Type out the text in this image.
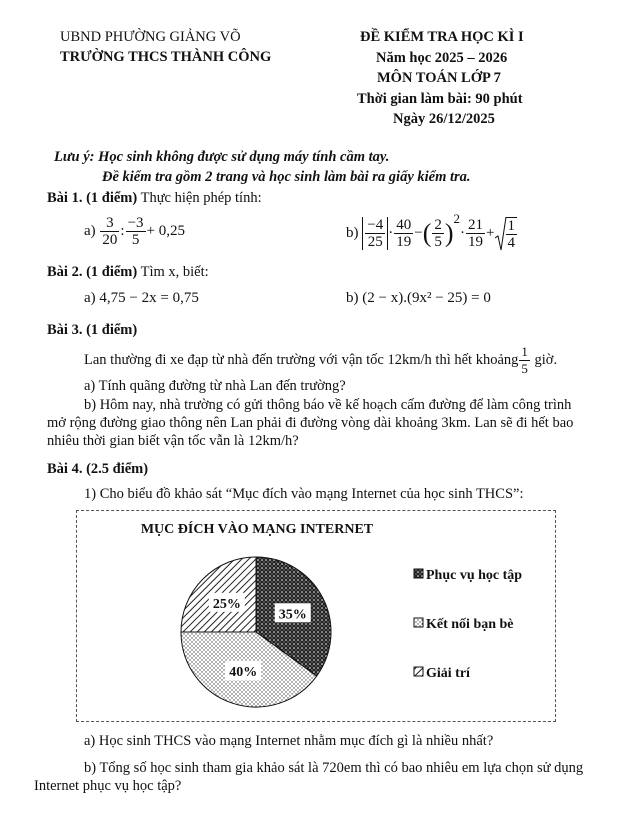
UBND PHƯỜNG GIẢNG VÕ
TRƯỜNG THCS THÀNH CÔNG
ĐỀ KIỂM TRA HỌC KÌ I
Năm học 2025 – 2026
MÔN TOÁN LỚP 7
Thời gian làm bài: 90 phút
Ngày 26/12/2025
Lưu ý: Học sinh không được sử dụng máy tính cầm tay.
Đề kiểm tra gồm 2 trang và học sinh làm bài ra giấy kiểm tra.
Bài 1. (1 điểm) Thực hiện phép tính:
$a) \frac{3}{20}$ : $\frac{-3}{5} + 0,25$	$b) \frac{-4}{25} \cdot \frac{40}{19}$ −( $\frac{2}{5} )^2\cdot \frac{21}{19} + \frac{1}{4}$
Bài 2. (1 điểm) Tìm x, biết:
a) 4,75 − 2x = 0,75	b) (2 − x).(9x² − 25) = 0
Bài 3. (1 điểm)
Lan thường đi xe đạp từ nhà đến trường với vận tốc 12km/h thì hết khoảng $\frac{1}{5}$ giờ.
a) Tính quãng đường từ nhà Lan đến trường?
b) Hôm nay, nhà trường có gửi thông báo về kế hoạch cấm đường để làm công trình
mở rộng đường giao thông nên Lan phải đi đường vòng dài khoảng 3km. Lan sẽ đi hết bao
nhiêu thời gian biết vận tốc vẫn là 12km/h?
Bài 4. (2.5 điểm)
1) Cho biểu đồ khảo sát “Mục đích vào mạng Internet của học sinh THCS”:
MỤC ĐÍCH VÀO MẠNG INTERNET
35%
40%
25%
Phục vụ học tập
Kết nối bạn bè
Giải trí
a) Học sinh THCS vào mạng Internet nhằm mục đích gì là nhiều nhất?
b) Tổng số học sinh tham gia khảo sát là 720em thì có bao nhiêu em lựa chọn sử dụng
Internet phục vụ học tập?
